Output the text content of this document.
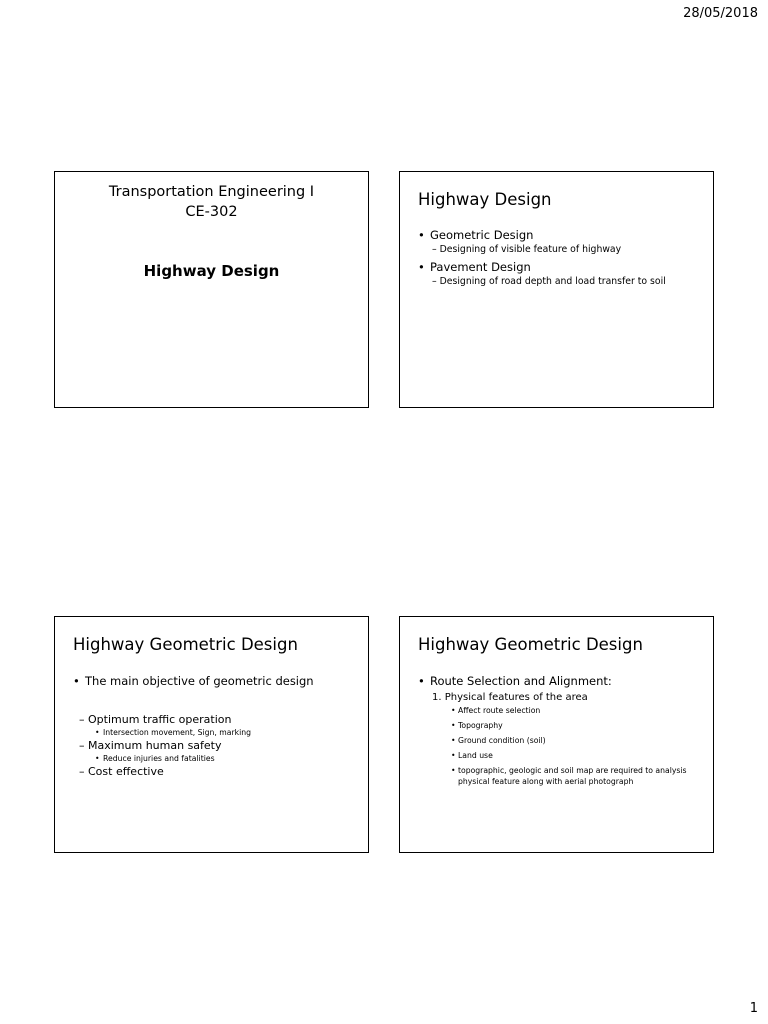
28/05/2018
Transportation Engineering I
CE-302
Highway Design
Highway Design
• Geometric Design
– Designing of visible feature of highway
• Pavement Design
– Designing of road depth and load transfer to soil
Highway Geometric Design
• The main objective of geometric design
– Optimum traffic operation
• Intersection movement, Sign, marking
– Maximum human safety
• Reduce injuries and fatalities
– Cost effective
Highway Geometric Design
• Route Selection and Alignment:
1. Physical features of the area
• Affect route selection
• Topography
• Ground condition (soil)
• Land use
• topographic, geologic and soil map are required to analysis physical feature along with aerial photograph
1
